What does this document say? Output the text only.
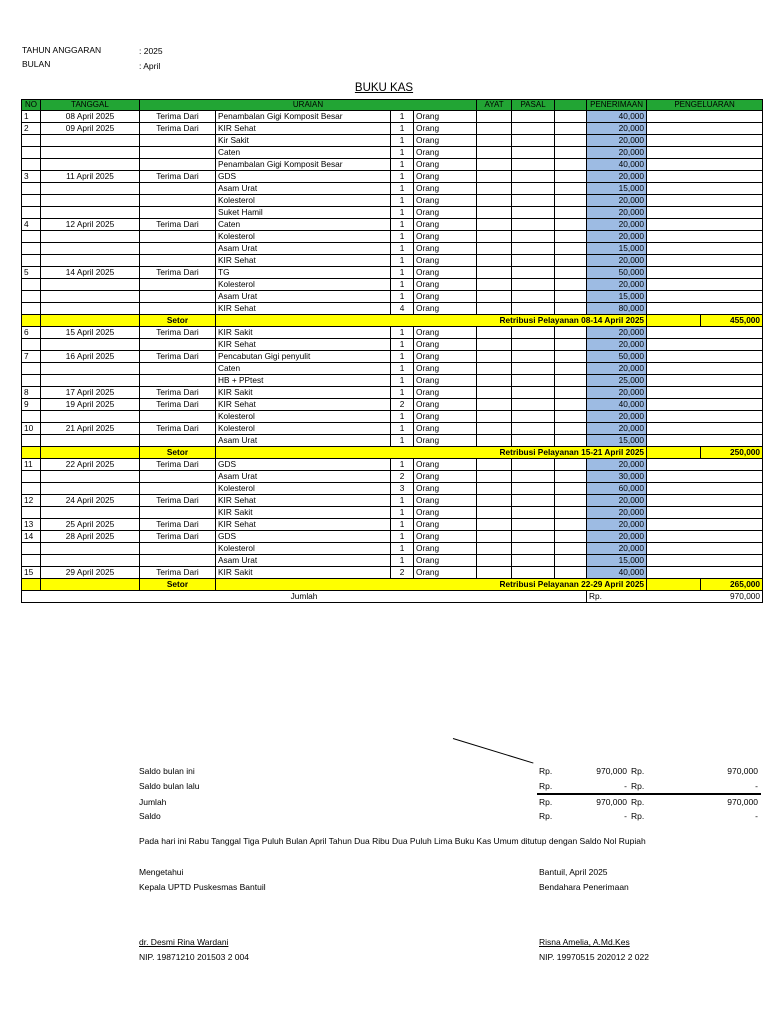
TAHUN ANGGARAN	: 2025
BULAN	: April
BUKU KAS
NO	TANGGAL	URAIAN				AYAT	PASAL		PENERIMAAN	PENGELUARAN	
1	08 April 2025	Terima Dari	Penambalan Gigi Komposit Besar	1	Orang				40,000		
2	09 April 2025	Terima Dari	KIR Sehat	1	Orang				20,000		
			Kir Sakit	1	Orang				20,000		
			Caten	1	Orang				20,000		
			Penambalan Gigi Komposit Besar	1	Orang				40,000		
3	11 April 2025	Terima Dari	GDS	1	Orang				20,000		
			Asam Urat	1	Orang				15,000		
			Kolesterol	1	Orang				20,000		
			Suket Hamil	1	Orang				20,000		
4	12 April 2025	Terima Dari	Caten	1	Orang				20,000		
			Kolesterol	1	Orang				20,000		
			Asam Urat	1	Orang				15,000		
			KIR Sehat	1	Orang				20,000		
5	14 April 2025	Terima Dari	TG	1	Orang				50,000		
			Kolesterol	1	Orang				20,000		
			Asam Urat	1	Orang				15,000		
			KIR Sehat	4	Orang				80,000		
		Setor	Retribusi Pelayanan 08-14 April 2025								455,000
6	15 April 2025	Terima Dari	KIR Sakit	1	Orang				20,000		
			KIR Sehat	1	Orang				20,000		
7	16 April 2025	Terima Dari	Pencabutan Gigi penyulit	1	Orang				50,000		
			Caten	1	Orang				20,000		
			HB + PPtest	1	Orang				25,000		
8	17 April 2025	Terima Dari	KIR Sakit	1	Orang				20,000		
9	19 April 2025	Terima Dari	KIR Sehat	2	Orang				40,000		
			Kolesterol	1	Orang				20,000		
10	21 April 2025	Terima Dari	Kolesterol	1	Orang				20,000		
			Asam Urat	1	Orang				15,000		
		Setor	Retribusi Pelayanan 15-21 April 2025								250,000
11	22 April 2025	Terima Dari	GDS	1	Orang				20,000		
			Asam Urat	2	Orang				30,000		
			Kolesterol	3	Orang				60,000		
12	24 April 2025	Terima Dari	KIR Sehat	1	Orang				20,000		
			KIR Sakit	1	Orang				20,000		
13	25 April 2025	Terima Dari	KIR Sehat	1	Orang				20,000		
14	28 April 2025	Terima Dari	GDS	1	Orang				20,000		
			Kolesterol	1	Orang				20,000		
			Asam Urat	1	Orang				15,000		
15	29 April 2025	Terima Dari	KIR Sakit	2	Orang				40,000		
		Setor	Retribusi Pelayanan 22-29 April 2025								265,000
Jumlah									Rp. 970,000		
Saldo bulan ini	Rp.	970,000 Rp.	970,000
Saldo bulan lalu	Rp.	- Rp.	-
Jumlah	Rp.	970,000 Rp.	970,000
Saldo	Rp.	- Rp.	-
Pada hari ini Rabu Tanggal Tiga Puluh Bulan April Tahun Dua Ribu Dua Puluh Lima Buku Kas Umum ditutup dengan Saldo Nol Rupiah
Mengetahui
Kepala UPTD Puskesmas Bantuil
dr. Desmi Rina Wardani
NIP. 19871210 201503 2 004
Bantuil, April 2025
Bendahara Penerimaan
Risna Amelia, A.Md.Kes
NIP. 19970515 202012 2 022
